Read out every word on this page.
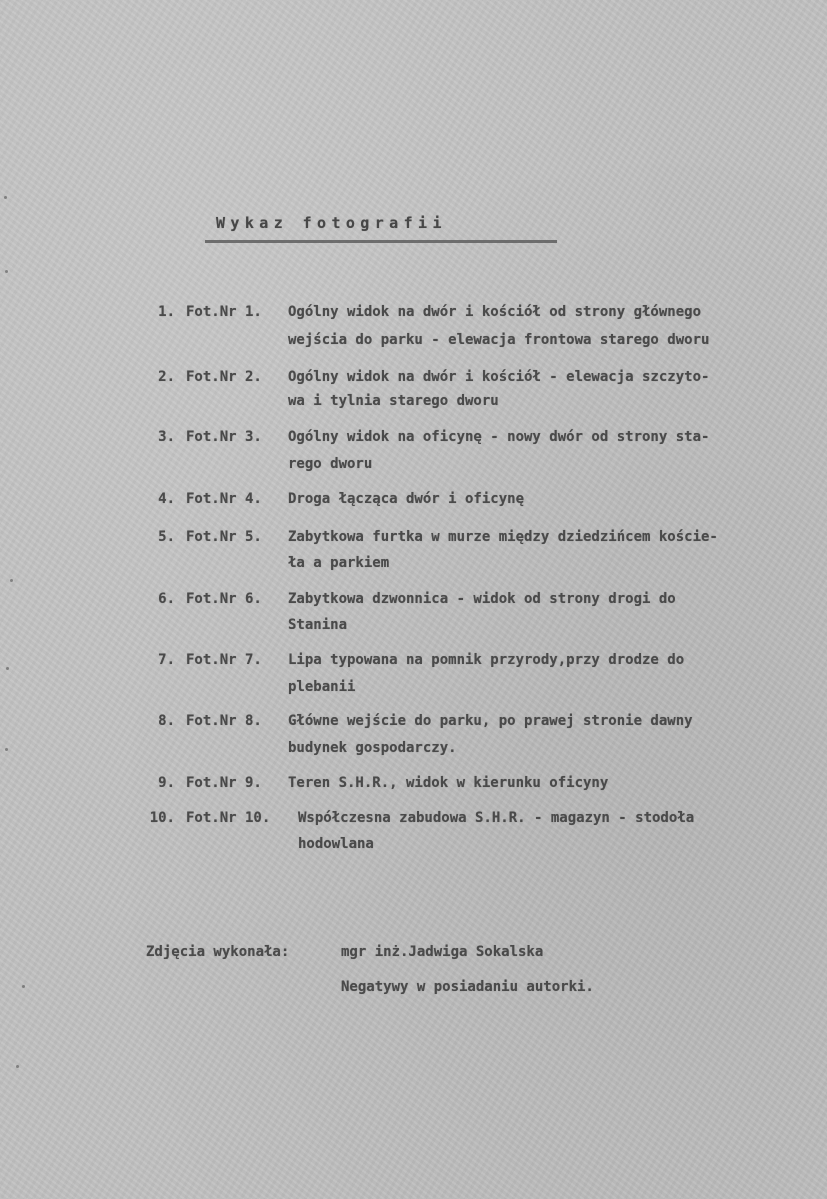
Wykaz fotografii
1. Fot.Nr 1. Ogólny widok na dwór i kościół od strony głównego
wejścia do parku - elewacja frontowa starego dworu
2. Fot.Nr 2. Ogólny widok na dwór i kościół - elewacja szczyto-
wa i tylnia starego dworu
3. Fot.Nr 3. Ogólny widok na oficynę - nowy dwór od strony sta-
rego dworu
4. Fot.Nr 4. Droga łącząca dwór i oficynę
5. Fot.Nr 5. Zabytkowa furtka w murze między dziedzińcem koście-
ła a parkiem
6. Fot.Nr 6. Zabytkowa dzwonnica - widok od strony drogi do
Stanina
7. Fot.Nr 7. Lipa typowana na pomnik przyrody,przy drodze do
plebanii
8. Fot.Nr 8. Główne wejście do parku, po prawej stronie dawny
budynek gospodarczy.
9. Fot.Nr 9. Teren S.H.R., widok w kierunku oficyny
10. Fot.Nr 10. Współczesna zabudowa S.H.R. - magazyn - stodoła
hodowlana
Zdjęcia wykonała:	mgr inż.Jadwiga Sokalska
Negatywy w posiadaniu autorki.
